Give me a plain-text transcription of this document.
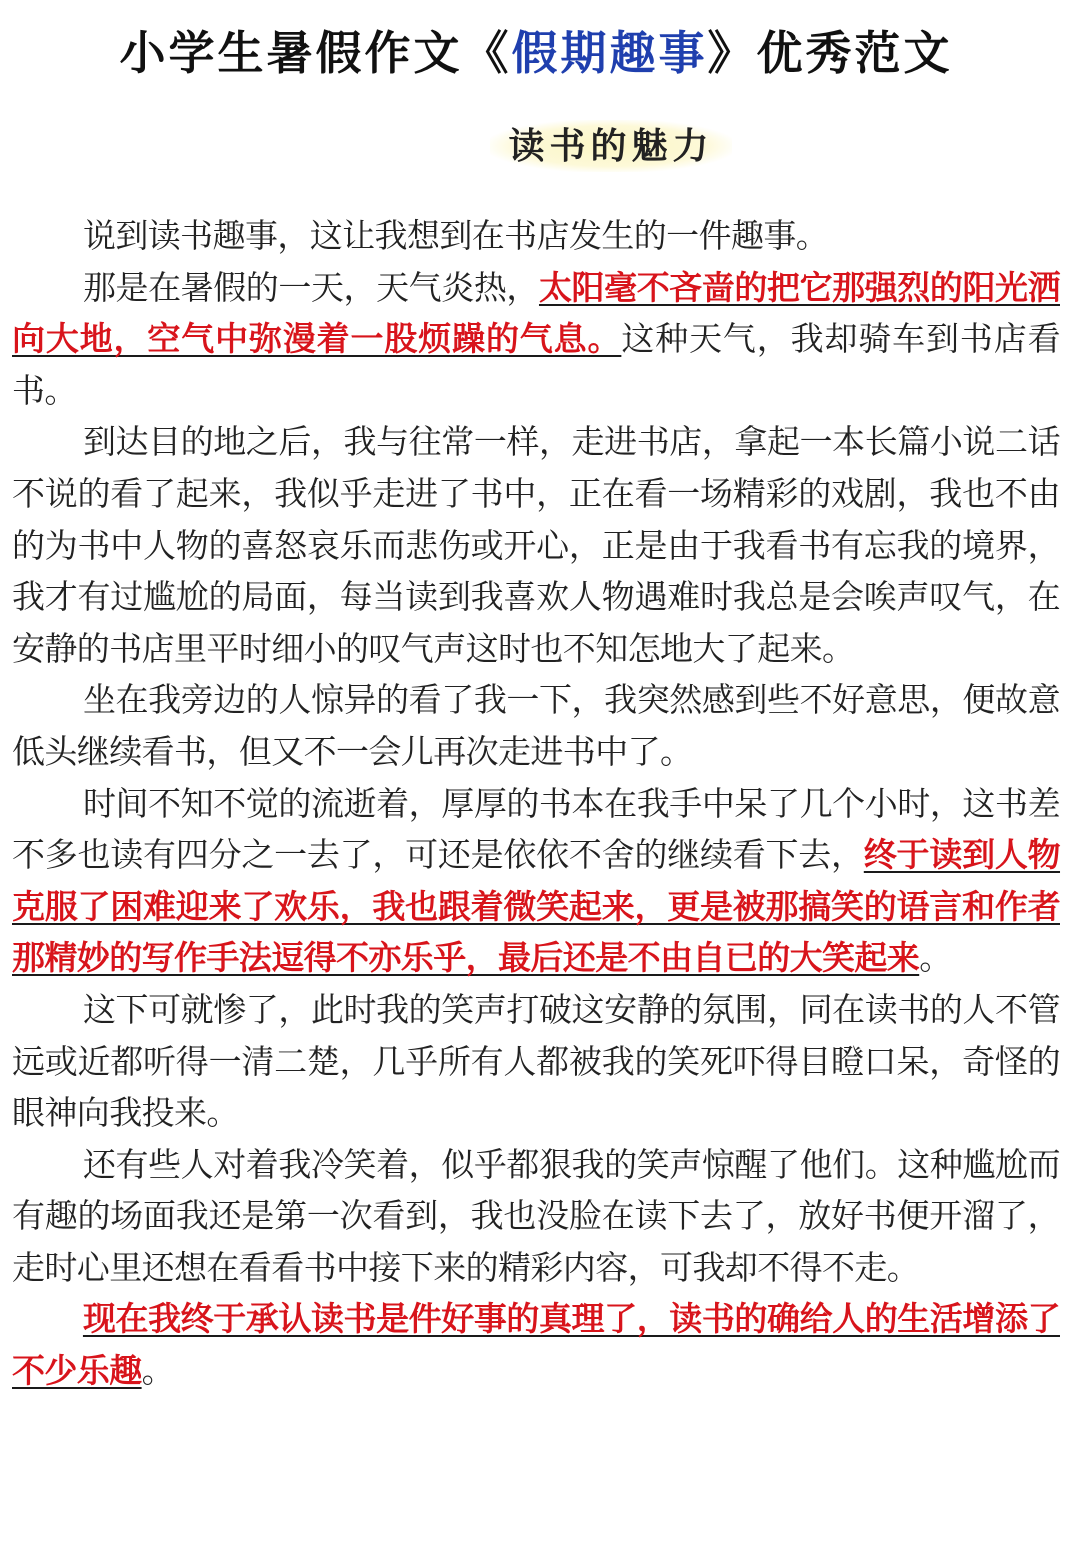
小学生暑假作文《假期趣事》优秀范文
读书的魅力

说到读书趣事，这让我想到在书店发生的一件趣事。

那是在暑假的一天，天气炎热，太阳毫不吝啬的把它那强烈的阳光洒向大地，空气中弥漫着一股烦躁的气息。这种天气，我却骑车到书店看书。

到达目的地之后，我与往常一样，走进书店，拿起一本长篇小说二话不说的看了起来，我似乎走进了书中，正在看一场精彩的戏剧，我也不由的为书中人物的喜怒哀乐而悲伤或开心，正是由于我看书有忘我的境界，我才有过尴尬的局面，每当读到我喜欢人物遇难时我总是会唉声叹气，在安静的书店里平时细小的叹气声这时也不知怎地大了起来。

坐在我旁边的人惊异的看了我一下，我突然感到些不好意思，便故意低头继续看书，但又不一会儿再次走进书中了。

时间不知不觉的流逝着，厚厚的书本在我手中呆了几个小时，这书差不多也读有四分之一去了，可还是依依不舍的继续看下去，终于读到人物克服了困难迎来了欢乐，我也跟着微笑起来，更是被那搞笑的语言和作者那精妙的写作手法逗得不亦乐乎，最后还是不由自已的大笑起来。

这下可就惨了，此时我的笑声打破这安静的氛围，同在读书的人不管远或近都听得一清二楚，几乎所有人都被我的笑死吓得目瞪口呆，奇怪的眼神向我投来。

还有些人对着我冷笑着，似乎都狠我的笑声惊醒了他们。这种尴尬而有趣的场面我还是第一次看到，我也没脸在读下去了，放好书便开溜了，走时心里还想在看看书中接下来的精彩内容，可我却不得不走。

现在我终于承认读书是件好事的真理了，读书的确给人的生活增添了不少乐趣。
